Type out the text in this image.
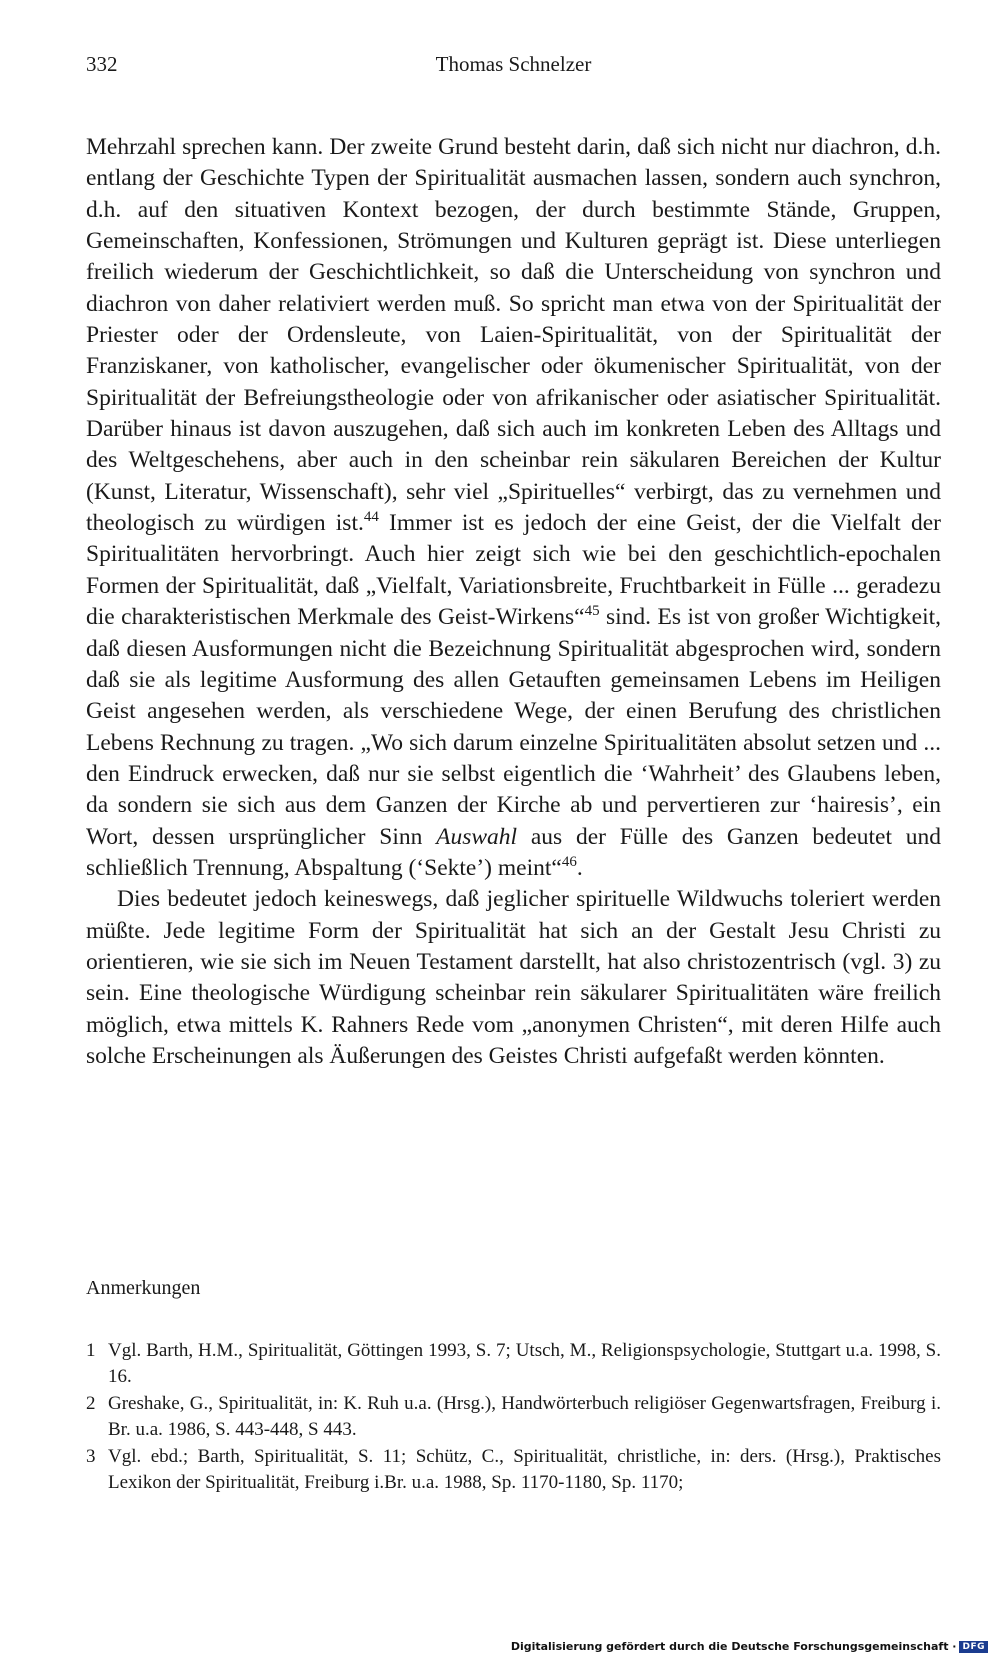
332	Thomas Schnelzer

Mehrzahl sprechen kann. Der zweite Grund besteht darin, daß sich nicht nur diachron, d.h. entlang der Geschichte Typen der Spiritualität ausmachen lassen, sondern auch synchron, d.h. auf den situativen Kontext bezogen, der durch bestimmte Stände, Gruppen, Gemeinschaften, Konfessionen, Strömungen und Kulturen geprägt ist. Diese unterliegen freilich wiederum der Geschichtlichkeit, so daß die Unterscheidung von synchron und diachron von daher relativiert werden muß. So spricht man etwa von der Spiritualität der Priester oder der Ordensleute, von Laien-Spiritualität, von der Spiritualität der Franziskaner, von katholischer, evangelischer oder ökumenischer Spiritualität, von der Spiritualität der Befreiungstheologie oder von afrikanischer oder asiatischer Spiritualität. Darüber hinaus ist davon auszugehen, daß sich auch im konkreten Leben des Alltags und des Weltgeschehens, aber auch in den scheinbar rein säkularen Bereichen der Kultur (Kunst, Literatur, Wissenschaft), sehr viel „Spirituelles“ verbirgt, das zu vernehmen und theologisch zu würdigen ist.$^{44}$ Immer ist es jedoch der eine Geist, der die Vielfalt der Spiritualitäten hervorbringt. Auch hier zeigt sich wie bei den geschichtlich-epochalen Formen der Spiritualität, daß „Vielfalt, Variationsbreite, Fruchtbarkeit in Fülle ... geradezu die charakteristischen Merkmale des Geist-Wirkens“$^{45}$ sind. Es ist von großer Wichtigkeit, daß diesen Ausformungen nicht die Bezeichnung Spiritualität abgesprochen wird, sondern daß sie als legitime Ausformung des allen Getauften gemeinsamen Lebens im Heiligen Geist angesehen werden, als verschiedene Wege, der einen Berufung des christlichen Lebens Rechnung zu tragen. „Wo sich darum einzelne Spiritualitäten absolut setzen und ... den Eindruck erwecken, daß nur sie selbst eigentlich die ‘Wahrheit’ des Glaubens leben, da sondern sie sich aus dem Ganzen der Kirche ab und pervertieren zur ‘hairesis’, ein Wort, dessen ursprünglicher Sinn Auswahl aus der Fülle des Ganzen bedeutet und schließlich Trennung, Abspaltung (‘Sekte’) meint“$^{46}$.

Dies bedeutet jedoch keineswegs, daß jeglicher spirituelle Wildwuchs toleriert werden müßte. Jede legitime Form der Spiritualität hat sich an der Gestalt Jesu Christi zu orientieren, wie sie sich im Neuen Testament darstellt, hat also christozentrisch (vgl. 3) zu sein. Eine theologische Würdigung scheinbar rein säkularer Spiritualitäten wäre freilich möglich, etwa mittels K. Rahners Rede vom „anonymen Christen“, mit deren Hilfe auch solche Erscheinungen als Äußerungen des Geistes Christi aufgefaßt werden könnten.

Anmerkungen
1 Vgl. Barth, H.M., Spiritualität, Göttingen 1993, S. 7; Utsch, M., Religionspsychologie, Stuttgart u.a. 1998, S. 16.
2 Greshake, G., Spiritualität, in: K. Ruh u.a. (Hrsg.), Handwörterbuch religiöser Gegenwartsfragen, Freiburg i. Br. u.a. 1986, S. 443-448, S 443.
3 Vgl. ebd.; Barth, Spiritualität, S. 11; Schütz, C., Spiritualität, christliche, in: ders. (Hrsg.), Praktisches Lexikon der Spiritualität, Freiburg i.Br. u.a. 1988, Sp. 1170-1180, Sp. 1170;
Digitalisierung gefördert durch die Deutsche Forschungsgemeinschaft · DFG
